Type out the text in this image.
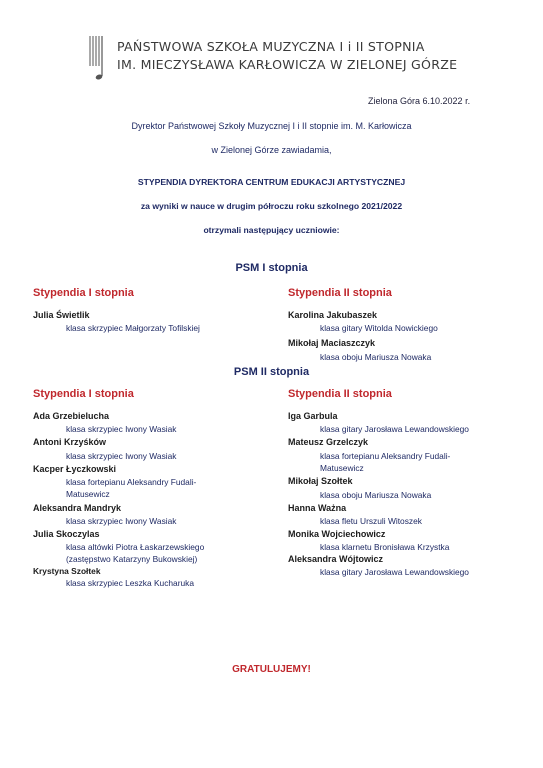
PAŃSTWOWA SZKOŁA MUZYCZNA I i II STOPNIA
IM. MIECZYSŁAWA KARŁOWICZA W ZIELONEJ GÓRZE
Zielona Góra 6.10.2022 r.
Dyrektor Państwowej Szkoły Muzycznej I i II stopnie im. M. Karłowicza
w Zielonej Górze zawiadamia,
STYPENDIA DYREKTORA CENTRUM EDUKACJI ARTYSTYCZNEJ
za wyniki w nauce w drugim półroczu roku szkolnego 2021/2022
otrzymali następujący uczniowie:
PSM I stopnia
Stypendia I stopnia	Stypendia II stopnia
Julia Świetlik
klasa skrzypiec Małgorzaty Tofilskiej
Karolina Jakubaszek
klasa gitary Witolda Nowickiego
Mikołaj Maciaszczyk
klasa oboju Mariusza Nowaka
PSM II stopnia
Stypendia I stopnia	Stypendia II stopnia
Ada Grzebielucha
klasa skrzypiec Iwony Wasiak
Antoni Krzyśków
klasa skrzypiec Iwony Wasiak
Kacper Łyczkowski
klasa fortepianu Aleksandry Fudali-
Matusewicz
Aleksandra Mandryk
klasa skrzypiec Iwony Wasiak
Julia Skoczylas
klasa altówki Piotra Łaskarzewskiego
(zastępstwo Katarzyny Bukowskiej)
Krystyna Szołtek
klasa skrzypiec Leszka Kucharuka
Iga Garbula
klasa gitary Jarosława Lewandowskiego
Mateusz Grzelczyk
klasa fortepianu Aleksandry Fudali-
Matusewicz
Mikołaj Szołtek
klasa oboju Mariusza Nowaka
Hanna Ważna
klasa fletu Urszuli Witoszek
Monika Wojciechowicz
klasa klarnetu Bronisława Krzystka
Aleksandra Wójtowicz
klasa gitary Jarosława Lewandowskiego
GRATULUJEMY!
